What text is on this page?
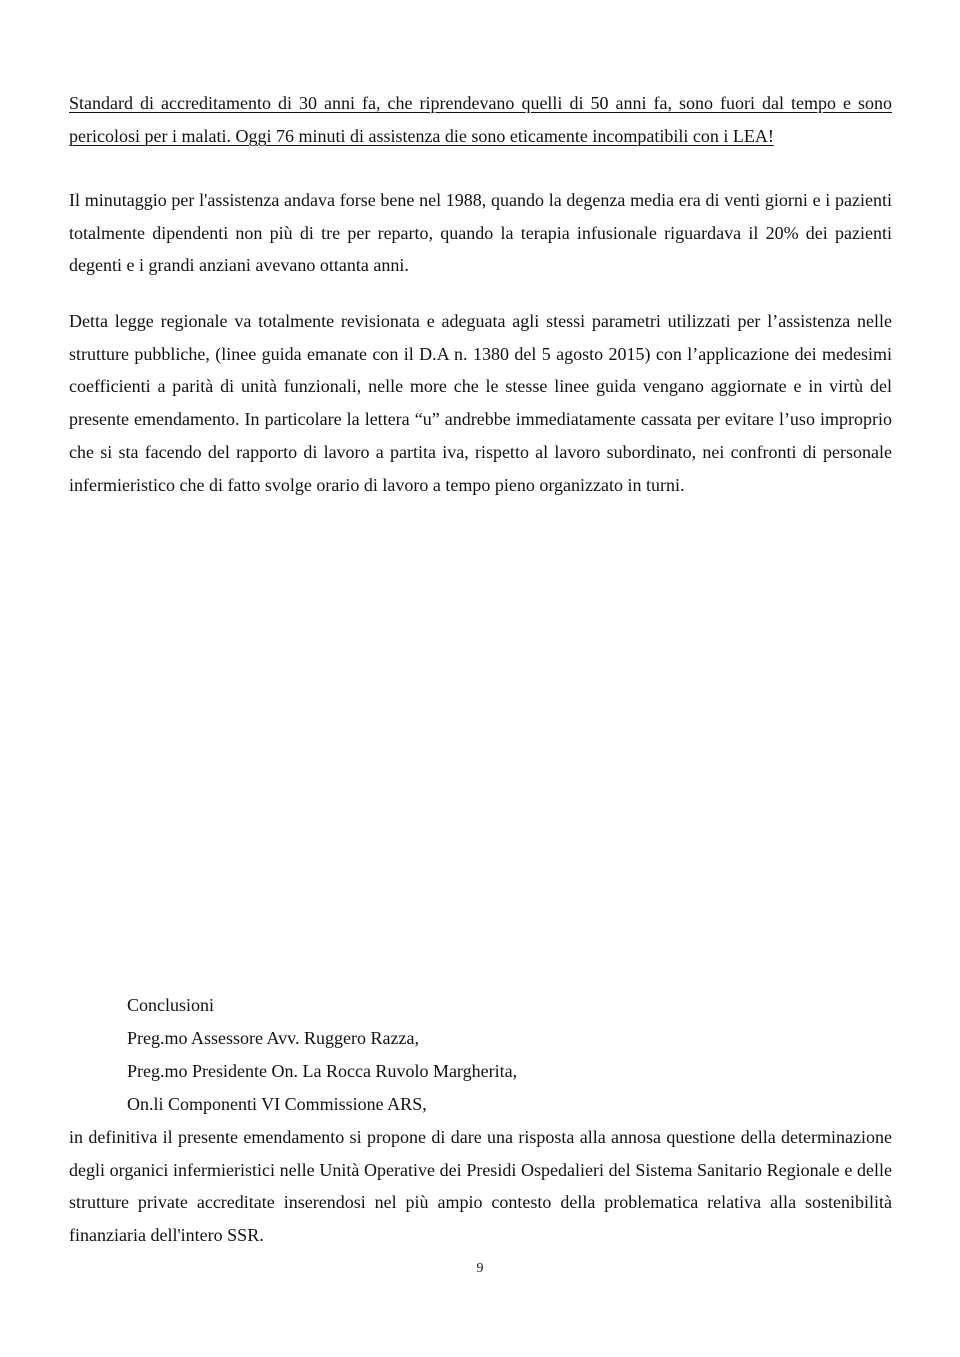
Standard di accreditamento di 30 anni fa, che riprendevano quelli di 50 anni fa, sono fuori dal tempo e sono pericolosi per i malati. Oggi 76 minuti di assistenza die sono eticamente incompatibili con i LEA!

Il minutaggio per l'assistenza andava forse bene nel 1988, quando la degenza media era di venti giorni e i pazienti totalmente dipendenti non più di tre per reparto, quando la terapia infusionale riguardava il 20% dei pazienti degenti e i grandi anziani avevano ottanta anni.

Detta legge regionale va totalmente revisionata e adeguata agli stessi parametri utilizzati per l’assistenza nelle strutture pubbliche, (linee guida emanate con il D.A n. 1380 del 5 agosto 2015) con l’applicazione dei medesimi coefficienti a parità di unità funzionali, nelle more che le stesse linee guida vengano aggiornate e in virtù del presente emendamento. In particolare la lettera “u” andrebbe immediatamente cassata per evitare l’uso improprio che si sta facendo del rapporto di lavoro a partita iva, rispetto al lavoro subordinato, nei confronti di personale infermieristico che di fatto svolge orario di lavoro a tempo pieno organizzato in turni.

Conclusioni

Preg.mo Assessore Avv. Ruggero Razza,

Preg.mo Presidente On. La Rocca Ruvolo Margherita,

On.li Componenti VI Commissione ARS,

in definitiva il presente emendamento si propone di dare una risposta alla annosa questione della determinazione degli organici infermieristici nelle Unità Operative dei Presidi Ospedalieri del Sistema Sanitario Regionale e delle strutture private accreditate inserendosi nel più ampio contesto della problematica relativa alla sostenibilità finanziaria dell'intero SSR.

9
